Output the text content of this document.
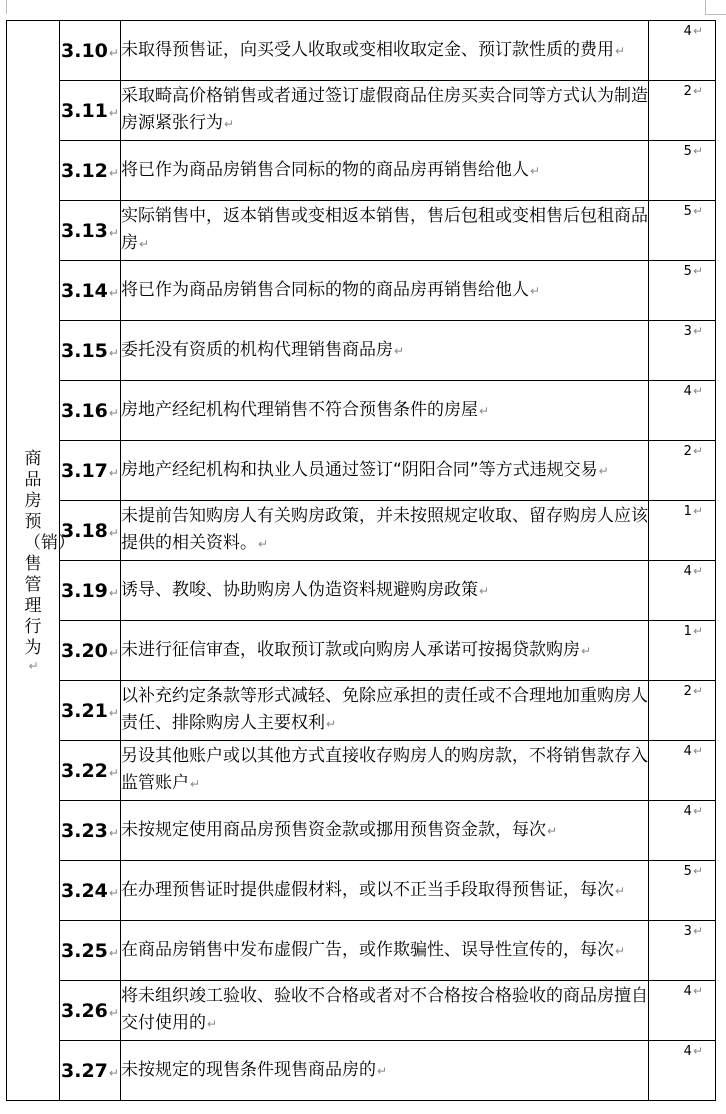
商品房预（销）售管理行为
↵	3.10↵	未取得预售证，向买受人收取或变相收取定金、预订款性质的费用↵	4↵

	3.11↵	采取畸高价格销售或者通过签订虚假商品住房买卖合同等方式认为制造房源紧张行为↵	2↵

	3.12↵	将已作为商品房销售合同标的物的商品房再销售给他人↵	5↵

	3.13↵	实际销售中，返本销售或变相返本销售，售后包租或变相售后包租商品房↵	5↵

	3.14↵	将已作为商品房销售合同标的物的商品房再销售给他人↵	5↵

	3.15↵	委托没有资质的机构代理销售商品房↵	3↵

	3.16↵	房地产经纪机构代理销售不符合预售条件的房屋↵	4↵

	3.17↵	房地产经纪机构和执业人员通过签订“阴阳合同”等方式违规交易↵	2↵

	3.18↵	未提前告知购房人有关购房政策，并未按照规定收取、留存购房人应该提供的相关资料。↵	1↵

	3.19↵	诱导、教唆、协助购房人伪造资料规避购房政策↵	4↵

	3.20↵	未进行征信审查，收取预订款或向购房人承诺可按揭贷款购房↵	1↵

	3.21↵	以补充约定条款等形式减轻、免除应承担的责任或不合理地加重购房人责任、排除购房人主要权利↵	2↵

	3.22↵	另设其他账户或以其他方式直接收存购房人的购房款，不将销售款存入监管账户↵	4↵

	3.23↵	未按规定使用商品房预售资金款或挪用预售资金款，每次↵	4↵

	3.24↵	在办理预售证时提供虚假材料，或以不正当手段取得预售证，每次↵	5↵

	3.25↵	在商品房销售中发布虚假广告，或作欺骗性、误导性宣传的，每次↵	3↵

	3.26↵	将未组织竣工验收、验收不合格或者对不合格按合格验收的商品房擅自交付使用的↵	4↵

	3.27↵	未按规定的现售条件现售商品房的↵	4↵
